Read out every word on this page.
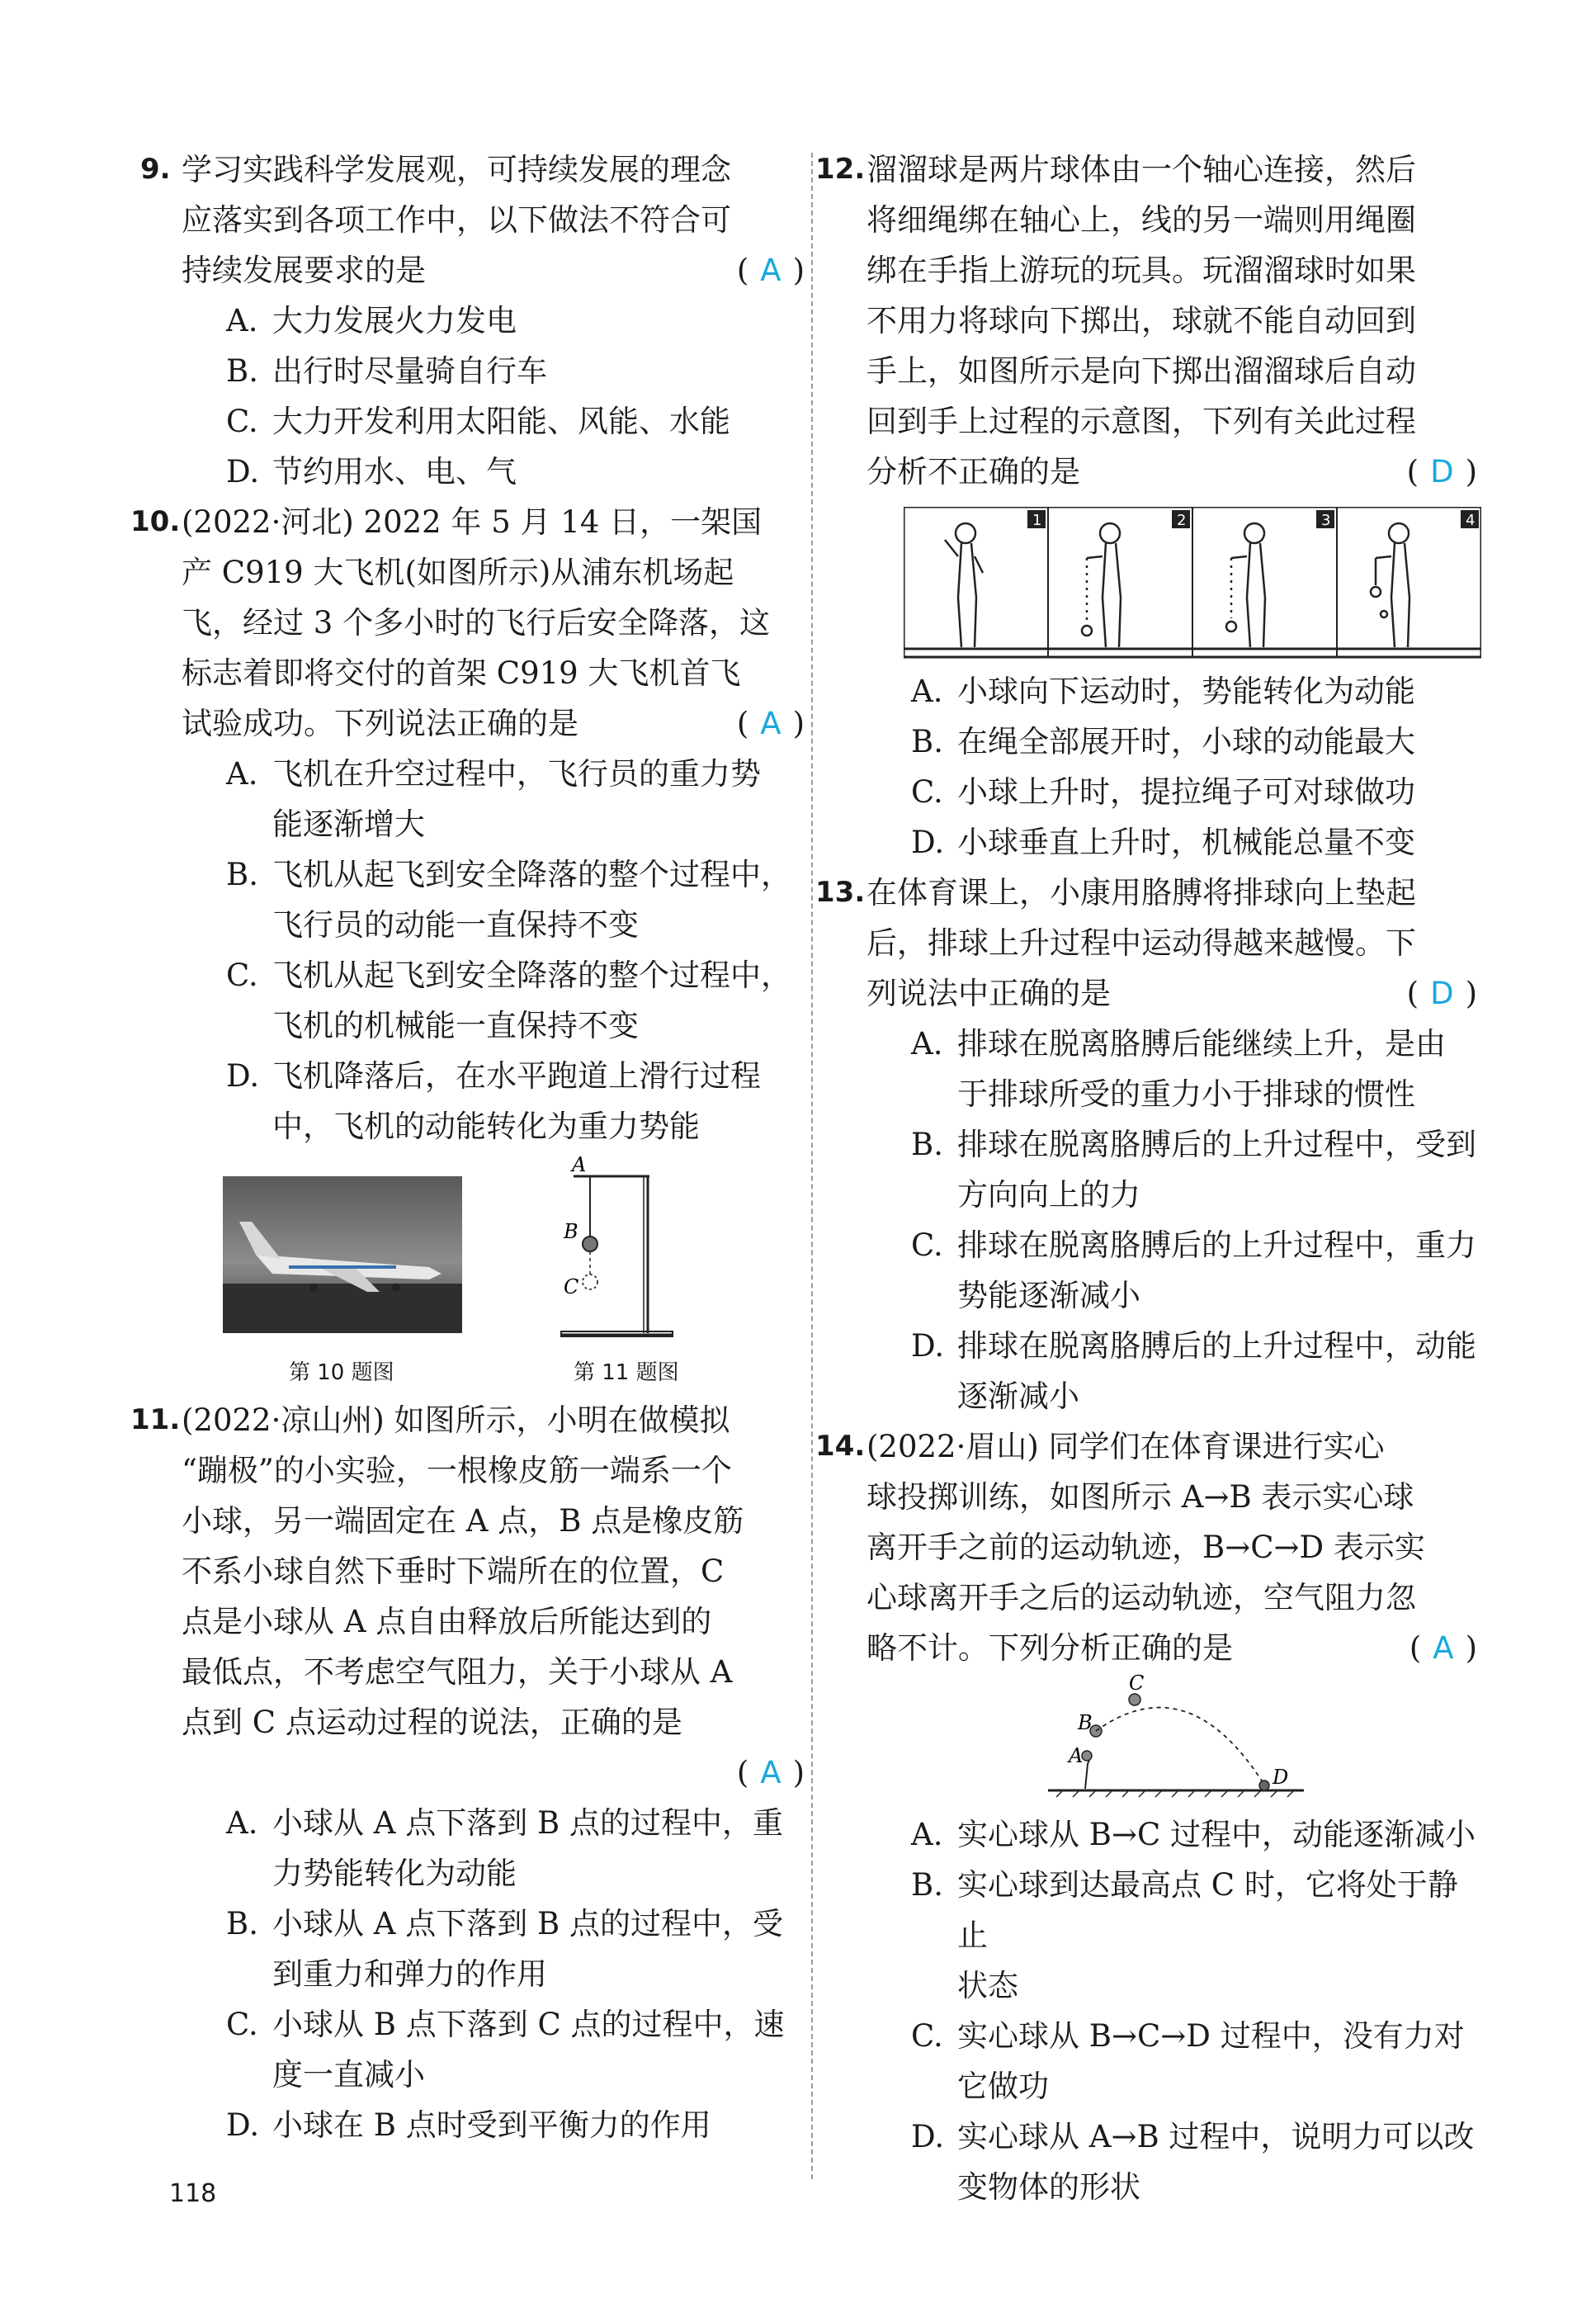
9. 学习实践科学发展观，可持续发展的理念
应落实到各项工作中，以下做法不符合可
持续发展要求的是	( A )
A. 大力发展火力发电
B. 出行时尽量骑自行车
C. 大力开发利用太阳能、风能、水能
D. 节约用水、电、气
10. (2022·河北) 2022 年 5 月 14 日，一架国
产 C919 大飞机(如图所示)从浦东机场起
飞，经过 3 个多小时的飞行后安全降落，这
标志着即将交付的首架 C919 大飞机首飞
试验成功。下列说法正确的是	( A )
A. 飞机在升空过程中，飞行员的重力势
能逐渐增大
B. 飞机从起飞到安全降落的整个过程中，
飞行员的动能一直保持不变
C. 飞机从起飞到安全降落的整个过程中，
飞机的机械能一直保持不变
D. 飞机降落后，在水平跑道上滑行过程
中，飞机的动能转化为重力势能
A
B
C
第 10 题图	第 11 题图
11. (2022·凉山州) 如图所示，小明在做模拟
“蹦极”的小实验，一根橡皮筋一端系一个
小球，另一端固定在 A 点，B 点是橡皮筋
不系小球自然下垂时下端所在的位置，C
点是小球从 A 点自由释放后所能达到的
最低点，不考虑空气阻力，关于小球从 A
点到 C 点运动过程的说法，正确的是
( A )
A. 小球从 A 点下落到 B 点的过程中，重
力势能转化为动能
B. 小球从 A 点下落到 B 点的过程中，受
到重力和弹力的作用
C. 小球从 B 点下落到 C 点的过程中，速
度一直减小
D. 小球在 B 点时受到平衡力的作用
12. 溜溜球是两片球体由一个轴心连接，然后
将细绳绑在轴心上，线的另一端则用绳圈
绑在手指上游玩的玩具。玩溜溜球时如果
不用力将球向下掷出，球就不能自动回到
手上，如图所示是向下掷出溜溜球后自动
回到手上过程的示意图，下列有关此过程
分析不正确的是	( D )
1	2	3	4
A. 小球向下运动时，势能转化为动能
B. 在绳全部展开时，小球的动能最大
C. 小球上升时，提拉绳子可对球做功
D. 小球垂直上升时，机械能总量不变
13. 在体育课上，小康用胳膊将排球向上垫起
后，排球上升过程中运动得越来越慢。下
列说法中正确的是	( D )
A. 排球在脱离胳膊后能继续上升，是由
于排球所受的重力小于排球的惯性
B. 排球在脱离胳膊后的上升过程中，受到
方向向上的力
C. 排球在脱离胳膊后的上升过程中，重力
势能逐渐减小
D. 排球在脱离胳膊后的上升过程中，动能
逐渐减小
14. (2022·眉山) 同学们在体育课进行实心
球投掷训练，如图所示 A→B 表示实心球
离开手之前的运动轨迹，B→C→D 表示实
心球离开手之后的运动轨迹，空气阻力忽
略不计。下列分析正确的是	( A )
A
B
C
D
A. 实心球从 B→C 过程中，动能逐渐减小
B. 实心球到达最高点 C 时，它将处于静止
状态
C. 实心球从 B→C→D 过程中，没有力对
它做功
D. 实心球从 A→B 过程中，说明力可以改
变物体的形状
118
